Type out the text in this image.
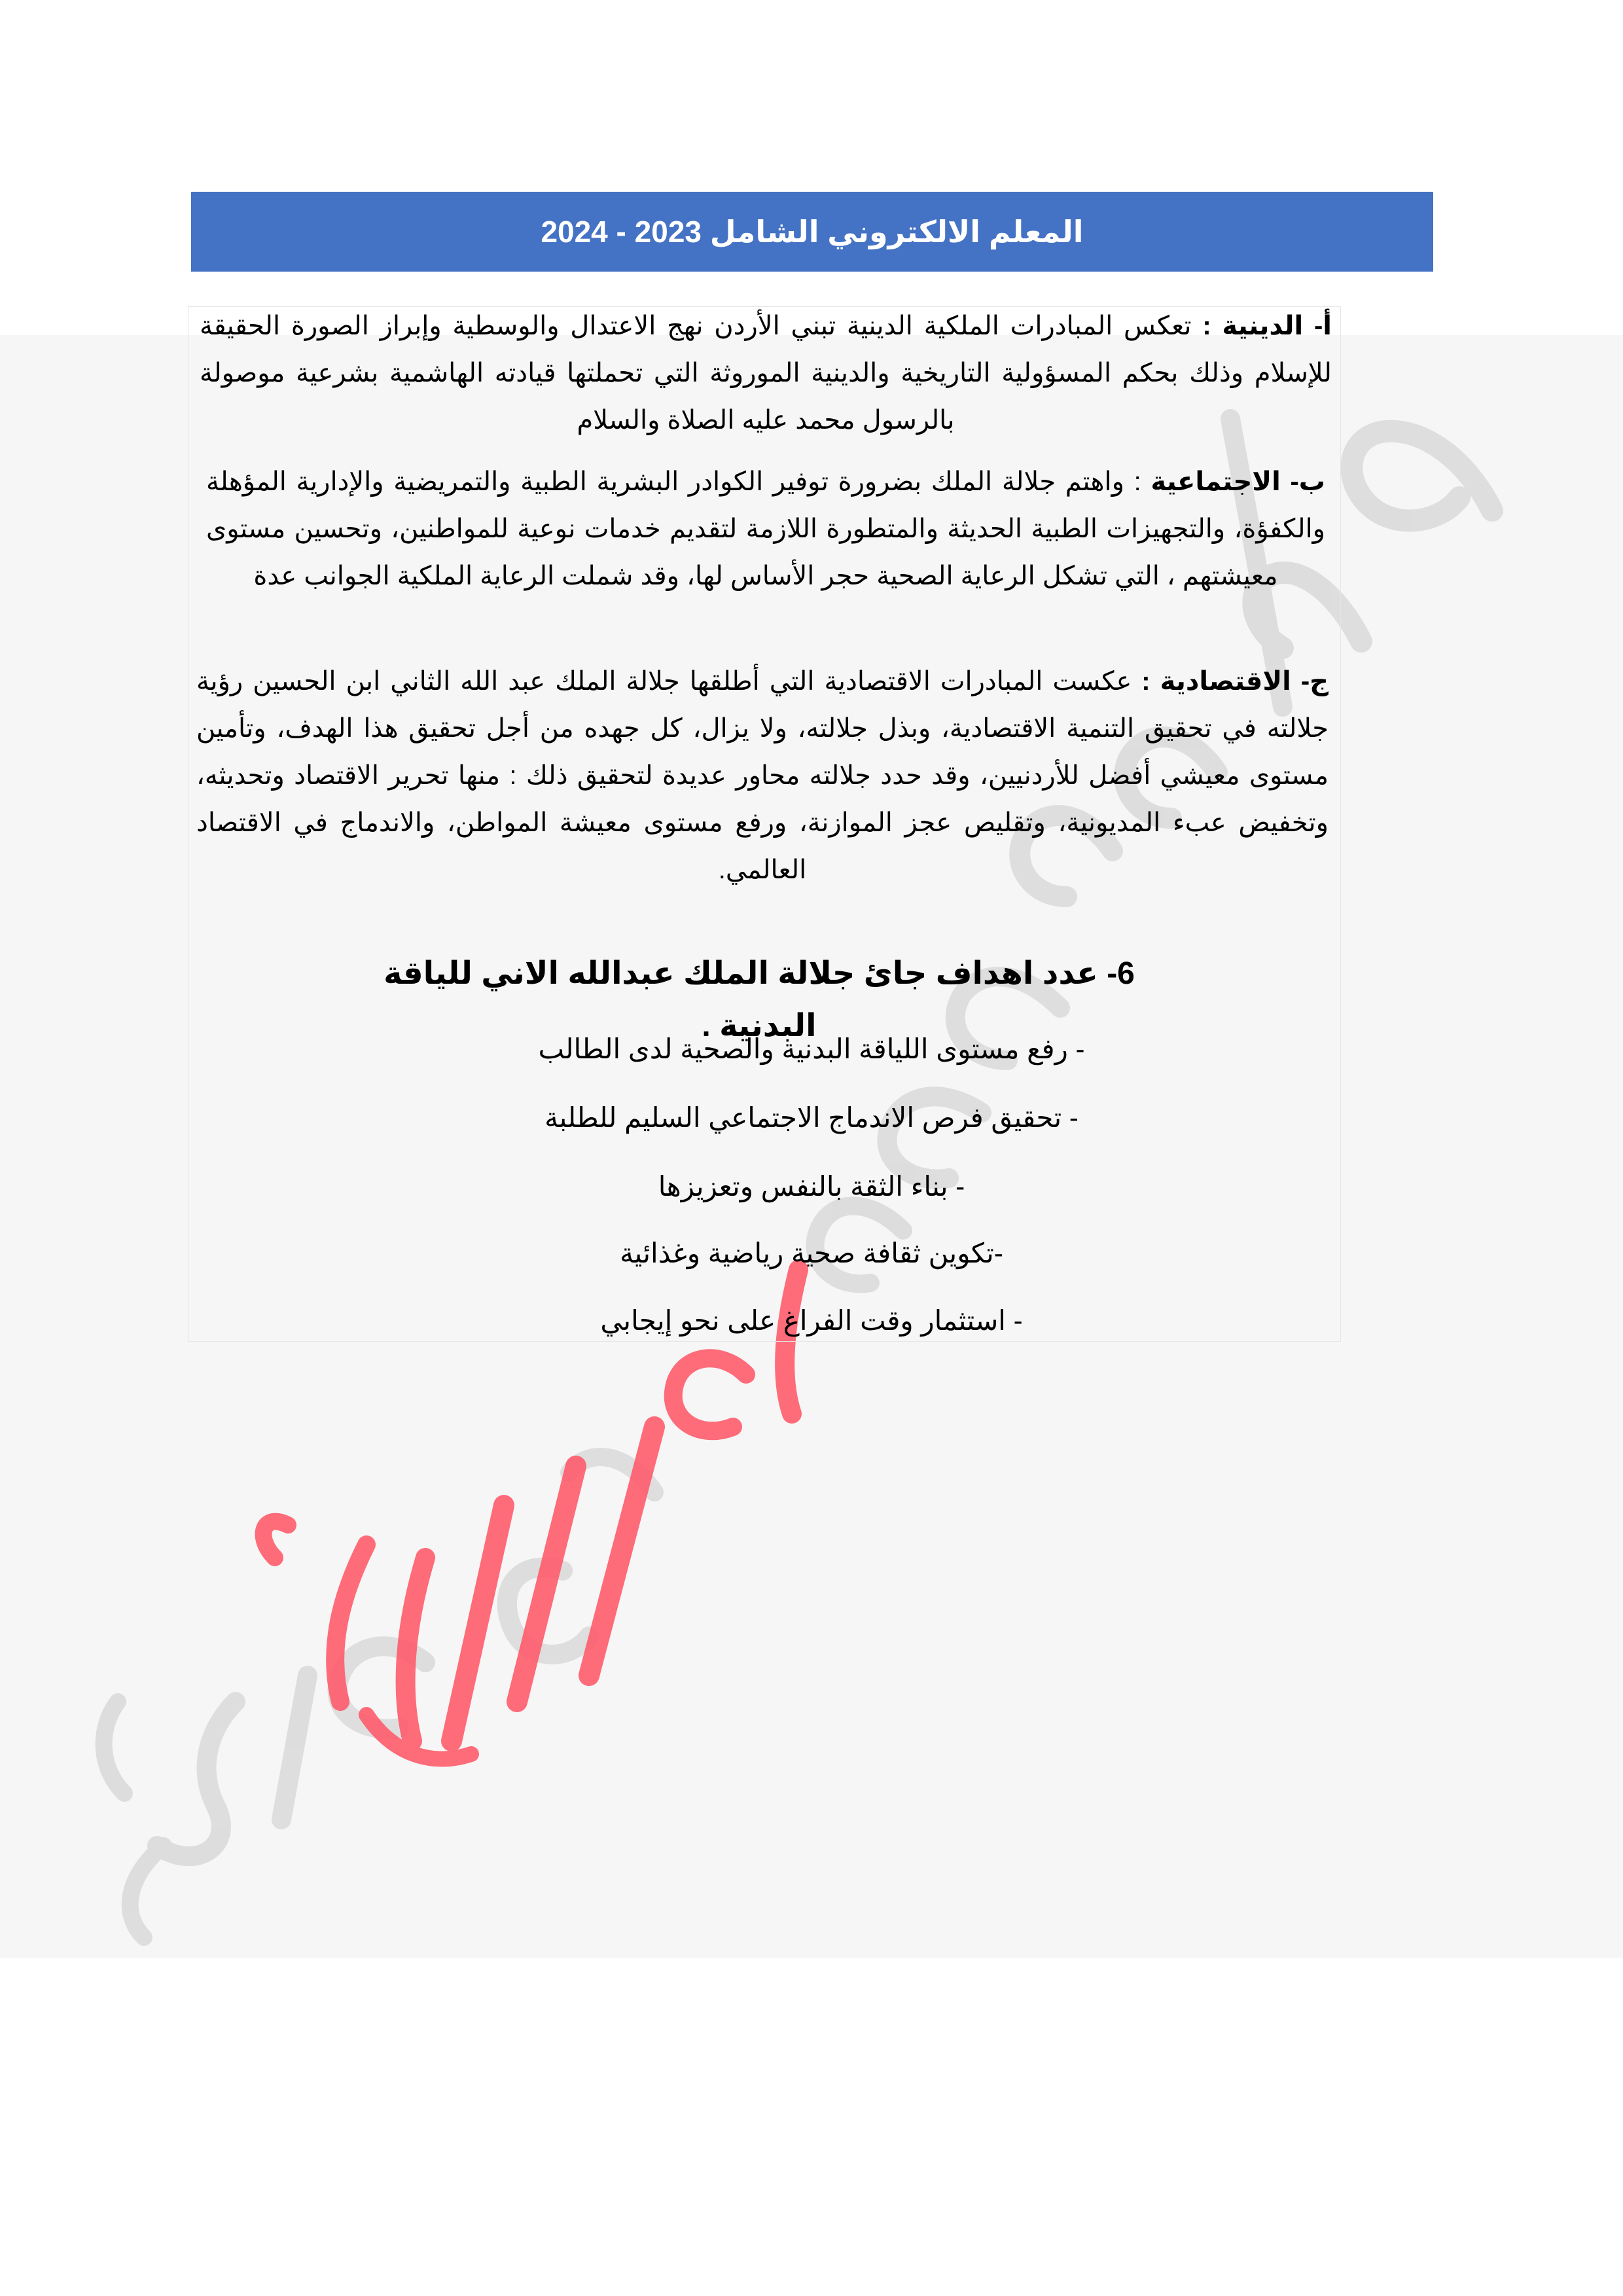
المعلم الالكتروني الشامل 2023 - 2024

أ- الدينية : تعكس المبادرات الملكية الدينية تبني الأردن نهج الاعتدال والوسطية وإبراز الصورة الحقيقة للإسلام وذلك بحكم المسؤولية التاريخية والدينية الموروثة التي تحملتها قيادته الهاشمية بشرعية موصولة بالرسول محمد عليه الصلاة والسلام

ب- الاجتماعية : واهتم جلالة الملك بضرورة توفير الكوادر البشرية الطبية والتمريضية والإدارية المؤهلة والكفؤة، والتجهيزات الطبية الحديثة والمتطورة اللازمة لتقديم خدمات نوعية للمواطنين، وتحسين مستوى معيشتهم ، التي تشكل الرعاية الصحية حجر الأساس لها، وقد شملت الرعاية الملكية الجوانب عدة

ج- الاقتصادية : عكست المبادرات الاقتصادية التي أطلقها جلالة الملك عبد الله الثاني ابن الحسين رؤية جلالته في تحقيق التنمية الاقتصادية، وبذل جلالته، ولا يزال، كل جهده من أجل تحقيق هذا الهدف، وتأمين مستوى معيشي أفضل للأردنيين، وقد حدد جلالته محاور عديدة لتحقيق ذلك : منها تحرير الاقتصاد وتحديثه، وتخفيض عبء المديونية، وتقليص عجز الموازنة، ورفع مستوى معيشة المواطن، والاندماج في الاقتصاد العالمي.

6- عدد اهداف جائ جلالة الملك عبدالله الاني للياقة البدنية .
- رفع مستوى اللياقة البدنية والصحية لدى الطالب
- تحقيق فرص الاندماج الاجتماعي السليم للطلبة
- بناء الثقة بالنفس وتعزيزها
-تكوين ثقافة صحية رياضية وغذائية
- استثمار وقت الفراغ على نحو إيجابي
